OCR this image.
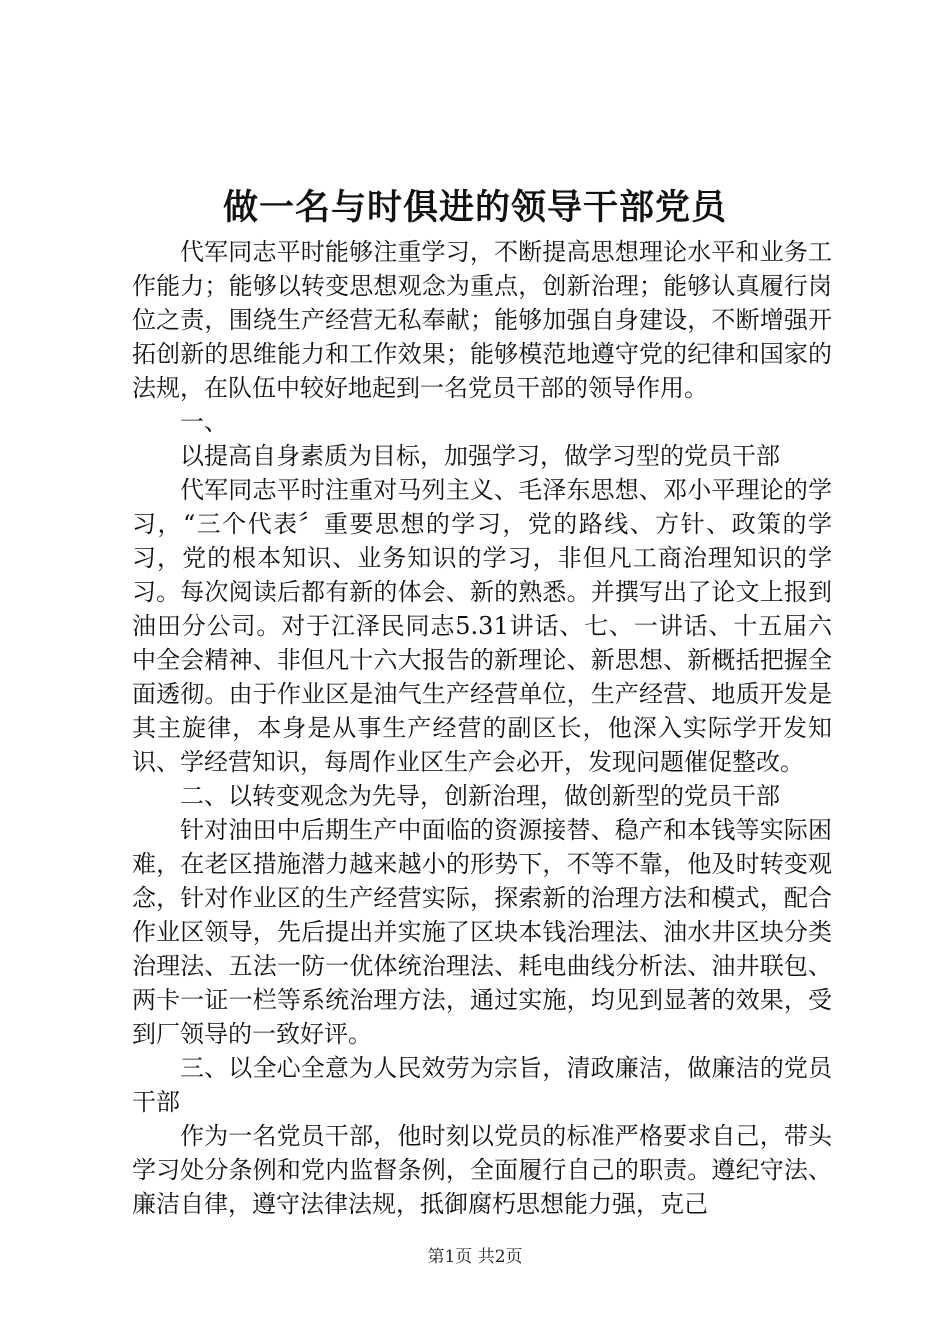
做一名与时俱进的领导干部党员

代军同志平时能够注重学习，不断提高思想理论水平和业务工作能力；能够以转变思想观念为重点，创新治理；能够认真履行岗位之责，围绕生产经营无私奉献；能够加强自身建设，不断增强开拓创新的思维能力和工作效果；能够模范地遵守党的纪律和国家的法规，在队伍中较好地起到一名党员干部的领导作用。

一、

以提高自身素质为目标，加强学习，做学习型的党员干部

代军同志平时注重对马列主义、毛泽东思想、邓小平理论的学习，“三个代表〞重要思想的学习，党的路线、方针、政策的学习，党的根本知识、业务知识的学习，非但凡工商治理知识的学习。每次阅读后都有新的体会、新的熟悉。并撰写出了论文上报到油田分公司。对于江泽民同志5.31讲话、七、一讲话、十五届六中全会精神、非但凡十六大报告的新理论、新思想、新概括把握全面透彻。由于作业区是油气生产经营单位，生产经营、地质开发是其主旋律，本身是从事生产经营的副区长，他深入实际学开发知识、学经营知识，每周作业区生产会必开，发现问题催促整改。

二、以转变观念为先导，创新治理，做创新型的党员干部

针对油田中后期生产中面临的资源接替、稳产和本钱等实际困难，在老区措施潜力越来越小的形势下，不等不靠，他及时转变观念，针对作业区的生产经营实际，探索新的治理方法和模式，配合作业区领导，先后提出并实施了区块本钱治理法、油水井区块分类治理法、五法一防一优体统治理法、耗电曲线分析法、油井联包、两卡一证一栏等系统治理方法，通过实施，均见到显著的效果，受到厂领导的一致好评。

三、以全心全意为人民效劳为宗旨，清政廉洁，做廉洁的党员干部

作为一名党员干部，他时刻以党员的标准严格要求自己，带头学习处分条例和党内监督条例，全面履行自己的职责。遵纪守法、廉洁自律，遵守法律法规，抵御腐朽思想能力强，克己

第1页 共2页
